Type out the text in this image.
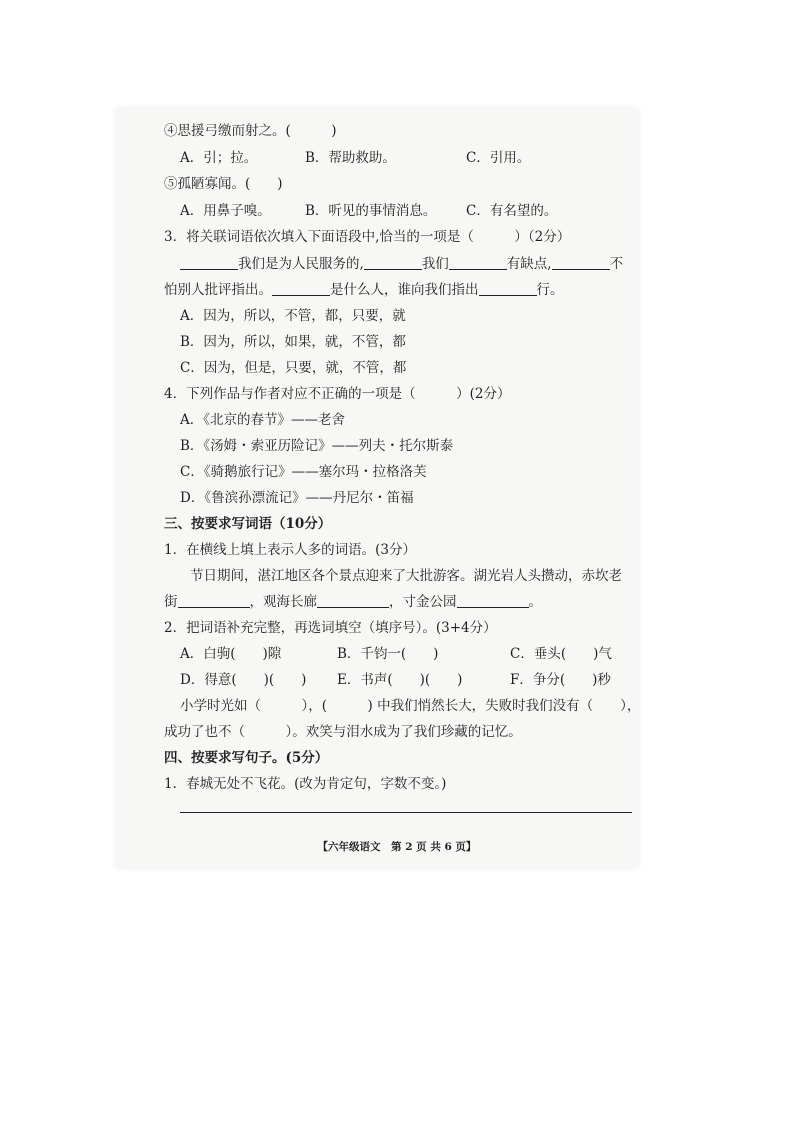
④思援弓缴而射之。(　　　)
A．引；拉。	B．帮助救助。	C．引用。
⑤孤陋寡闻。(　　)
A．用鼻子嗅。	B．听见的事情消息。 C．有名望的。
3．将关联词语依次填入下面语段中,恰当的一项是（　　　）（2分）
我们是为人民服务的,	我们	有缺点,	不
怕别人批评指出。	是什么人，谁向我们指出	行。
A．因为，所以，不管，都，只要，就
B．因为，所以，如果，就，不管，都
C．因为，但是，只要，就，不管，都
4．下列作品与作者对应不正确的一项是（　　　）(2分）
A．《北京的春节》——老舍
B．《汤姆・索亚历险记》——列夫・托尔斯泰
C．《骑鹅旅行记》——塞尔玛・拉格洛芙
D．《鲁滨孙漂流记》——丹尼尔・笛福
三、按要求写词语（10分）
1．在横线上填上表示人多的词语。(3分）
节日期间，湛江地区各个景点迎来了大批游客。湖光岩人头攒动，赤坎老
街	，观海长廊	，寸金公园	。
2．把词语补充完整，再选词填空（填序号）。(3+4分）
A．白驹(　　)隙	B．千钧一(　　)	C．垂头(　　)气
D．得意(　　)(　　) E．书声(　　)(　　)	F．争分(　　)秒
小学时光如（　　　），(　　　) 中我们悄然长大，失败时我们没有（　　），
成功了也不（　　　）。欢笑与泪水成为了我们珍藏的记忆。
四、按要求写句子。(5分）
1．春城无处不飞花。(改为肯定句，字数不变。)
【六年级语文　第 2 页 共 6 页】
